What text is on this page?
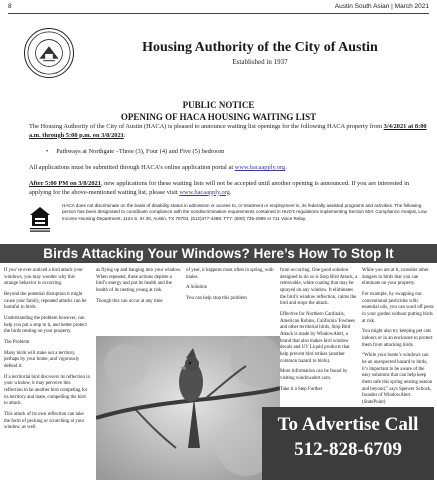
8	Austin South Asian | March 2021
Housing Authority of the City of Austin
Established in 1937
PUBLIC NOTICE
OPENING OF HACA HOUSING WAITING LIST
The Housing Authority of the City of Austin (HACA) is pleased to announce waiting list openings for the following HACA property from 3/4/2021 at 8:00 a.m. through 5:00 p.m. on 3/8/2021:
• Pathways at Northgate –Three (3), Four (4) and Five (5) bedroom
All applications must be submitted through HACA’s online application portal at www.hacaapply.org.
After 5:00 PM on 3/8/2021, new applications for these waiting lists will not be accepted until another opening is announced. If you are interested in applying for the above-mentioned waiting list, please visit www.hacaapply.org.
HACA does not discriminate on the basis of disability status in admission or access to, or treatment or employment in, its federally assisted programs and activities. The following person has been designated to coordinate compliance with the nondiscrimination requirements contained in HUD's regulations implementing Section 504: Compliance Analyst, Low Income Housing Department, 1124 S. IH 35, Austin, TX 78704, (512)477-4488: TTY: (800) 735-2989 or 711 Voice Relay.
Birds Attacking Your Windows? Here’s How To Stop It

If you’ve ever noticed a bird attack your windows, you may wonder why this strange behavior is occurring.

Beyond the potential disruption it might cause your family, repeated attacks can be harmful to birds.

Understanding the problem however, can help you put a stop to it, and better protect the birds nesting on your property.

The Problem

Many birds will stake out a territory, perhaps by your home, and vigorously defend it.

If a territorial bird discovers its reflection in your window, it may perceive this reflection to be another bird competing for its territory and mate, compelling the bird to attack.

This attack of its own reflection can take the form of pecking or scratching at your window, as well

as flying up and banging into your window. When repeated, these actions deplete a bird’s energy and put its health and the health of its nesting young at risk.

Though this can occur at any time

of year, it happens most often in spring, with males.

A Solution

You can help stop this problem

from occurring. One good solution designed to do so is Stop Bird Attack, a removable, white coating that may be sprayed on any window. It eliminates the bird’s window reflection, calms the bird and stops the attack.

Effective for Northern Cardinals, American Robins, California Towhees and other territorial birds, Stop Bird Attack is made by WindowAlert, a brand that also makes bird window decals and UV Liquid products that help prevent bird strikes (another common hazard to birds).

More information can be found by visiting windowalert.com.

Take it a Step Further

While you are at it, consider other dangers to birds that you can eliminate on your property.

For example, by swapping out conventional pesticides with essential oils, you can ward off pests in your garden without putting birds at risk.

You might also try keeping pet cats indoors or in an enclosure to protect them from attacking birds.

“While your home’s windows can be an unexpected hazard to birds, it’s important to be aware of the easy solutions that can help keep them safe this spring nesting season and beyond,” says Spencer Schock, founder of WindowAlert. (StatePoint)

To Advertise Call
512-828-6709
